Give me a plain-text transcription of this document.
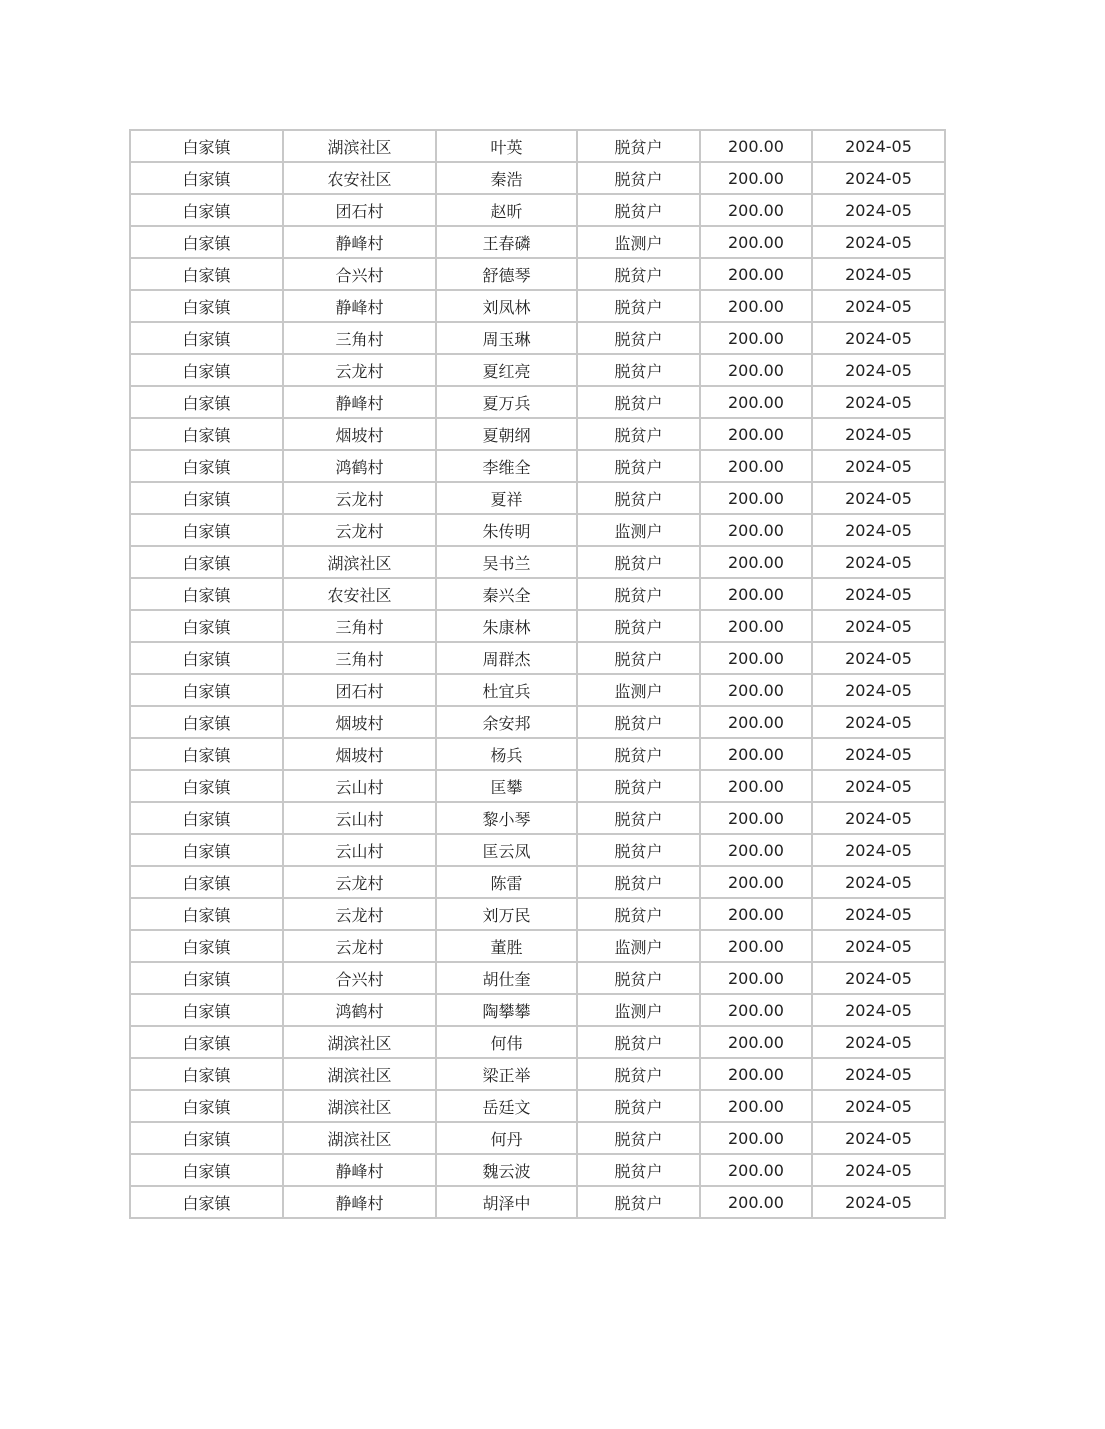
白家镇	湖滨社区	叶英	脱贫户	200.00	2024-05
白家镇	农安社区	秦浩	脱贫户	200.00	2024-05
白家镇	团石村	赵昕	脱贫户	200.00	2024-05
白家镇	静峰村	王春磷	监测户	200.00	2024-05
白家镇	合兴村	舒德琴	脱贫户	200.00	2024-05
白家镇	静峰村	刘凤林	脱贫户	200.00	2024-05
白家镇	三角村	周玉琳	脱贫户	200.00	2024-05
白家镇	云龙村	夏红亮	脱贫户	200.00	2024-05
白家镇	静峰村	夏万兵	脱贫户	200.00	2024-05
白家镇	烟坡村	夏朝纲	脱贫户	200.00	2024-05
白家镇	鸿鹤村	李维全	脱贫户	200.00	2024-05
白家镇	云龙村	夏祥	脱贫户	200.00	2024-05
白家镇	云龙村	朱传明	监测户	200.00	2024-05
白家镇	湖滨社区	吴书兰	脱贫户	200.00	2024-05
白家镇	农安社区	秦兴全	脱贫户	200.00	2024-05
白家镇	三角村	朱康林	脱贫户	200.00	2024-05
白家镇	三角村	周群杰	脱贫户	200.00	2024-05
白家镇	团石村	杜宜兵	监测户	200.00	2024-05
白家镇	烟坡村	余安邦	脱贫户	200.00	2024-05
白家镇	烟坡村	杨兵	脱贫户	200.00	2024-05
白家镇	云山村	匡攀	脱贫户	200.00	2024-05
白家镇	云山村	黎小琴	脱贫户	200.00	2024-05
白家镇	云山村	匡云凤	脱贫户	200.00	2024-05
白家镇	云龙村	陈雷	脱贫户	200.00	2024-05
白家镇	云龙村	刘万民	脱贫户	200.00	2024-05
白家镇	云龙村	董胜	监测户	200.00	2024-05
白家镇	合兴村	胡仕奎	脱贫户	200.00	2024-05
白家镇	鸿鹤村	陶攀攀	监测户	200.00	2024-05
白家镇	湖滨社区	何伟	脱贫户	200.00	2024-05
白家镇	湖滨社区	梁正举	脱贫户	200.00	2024-05
白家镇	湖滨社区	岳廷文	脱贫户	200.00	2024-05
白家镇	湖滨社区	何丹	脱贫户	200.00	2024-05
白家镇	静峰村	魏云波	脱贫户	200.00	2024-05
白家镇	静峰村	胡泽中	脱贫户	200.00	2024-05
